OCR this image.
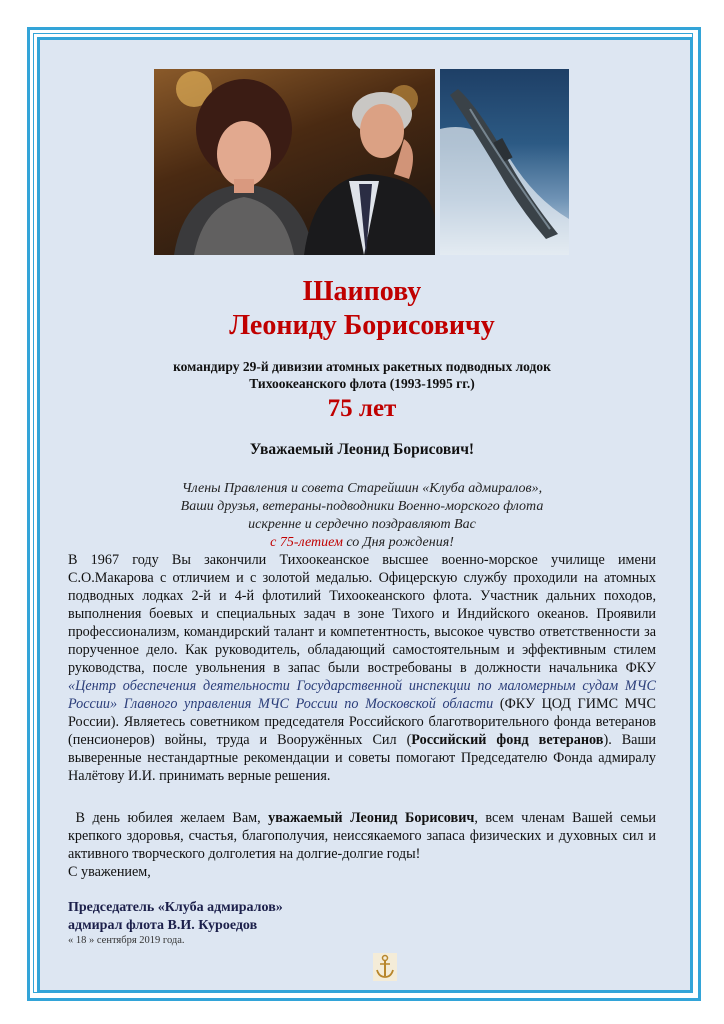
Шаипову
Леониду Борисовичу
командиру 29-й дивизии атомных ракетных подводных лодок
Тихоокеанского флота (1993-1995 гг.)
75 лет
Уважаемый Леонид Борисович!
Члены Правления и совета Старейшин «Клуба адмиралов»,
Ваши друзья, ветераны-подводники Военно-морского флота
искренне и сердечно поздравляют Вас
с 75-летием со Дня рождения!
В 1967 году Вы закончили Тихоокеанское высшее военно-морское училище имени С.О.Макарова с отличием и с золотой медалью. Офицерскую службу проходили на атомных подводных лодках 2-й и 4-й флотилий Тихоокеанского флота. Участник дальних походов, выполнения боевых и специальных задач в зоне Тихого и Индийского океанов. Проявили профессионализм, командирский талант и компетентность, высокое чувство ответственности за порученное дело. Как руководитель, обладающий самостоятельным и эффективным стилем руководства, после увольнения в запас были востребованы в должности начальника ФКУ «Центр обеспечения деятельности Государственной инспекции по маломерным судам МЧС России» Главного управления МЧС России по Московской области (ФКУ ЦОД ГИМС МЧС России). Являетесь советником председателя Российского благотворительного фонда ветеранов (пенсионеров) войны, труда и Вооружённых Сил (Российский фонд ветеранов). Ваши выверенные нестандартные рекомендации и советы помогают Председателю Фонда адмиралу Налётову И.И. принимать верные решения.
В день юбилея желаем Вам, уважаемый Леонид Борисович, всем членам Вашей семьи крепкого здоровья, счастья, благополучия, неиссякаемого запаса физических и духовных сил и активного творческого долголетия на долгие-долгие годы!
С уважением,
Председатель «Клуба адмиралов»
адмирал флота В.И. Куроедов
« 18 » сентября 2019 года.
